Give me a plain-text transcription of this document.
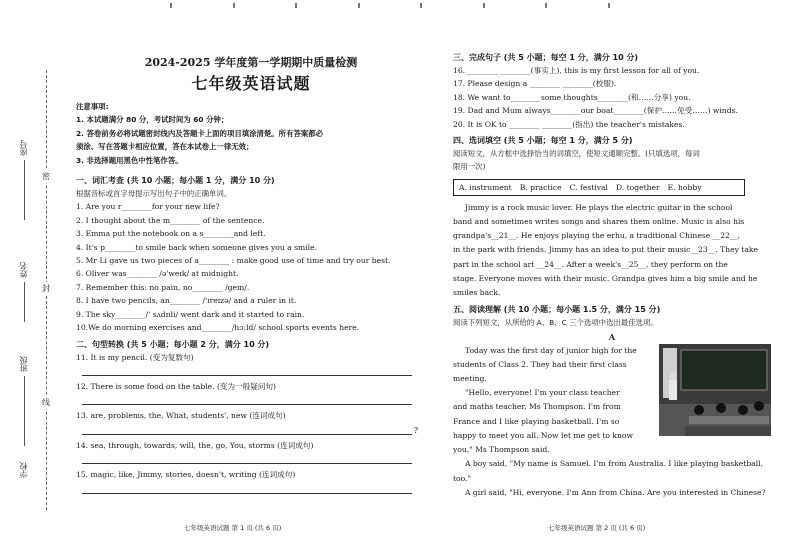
座号
姓名
班级
学校
密
封
线
2024-2025 学年度第一学期期中质量检测
七年级英语试题
注意事项:
1. 本试题满分 80 分，考试时间为 60 分钟；
2. 答卷前务必将试题密封线内及答题卡上面的项目填涂清楚。所有答案都必
须涂、写在答题卡相应位置，答在本试卷上一律无效；
3. 非选择题用黑色中性笔作答。
一、词汇考查 (共 10 小题；每小题 1 分，满分 10 分)
根据音标或首字母提示写出句子中的正确单词。
1. Are you r________for your new life?
2. I thought about the m________ of the sentence.
3. Emma put the notebook on a s________and left.
4. It's p________to smile back when someone gives you a smile.
5. Mr Li gave us two pieces of a________ : make good use of time and try our best.
6. Oliver was________ /ə'weɪk/ at midnight.
7. Remember this: no pain, no________ /geɪn/.
8. I have two pencils, an________ /'ɪreɪzə/ and a ruler in it.
9. The sky________/' sʌdnli/ went dark and it started to rain.
10.We do morning exercises and________/hɔːld/ school sports events here.
二、句型转换 (共 5 小题；每小题 2 分，满分 10 分)
11. It is my pencil. (变为复数句)
12. There is some food on the table. (变为一般疑问句)
13. are, problems, the, What, students', new (连词成句)
?
14. sea, through, towards, will, the, go, You, storms (连词成句)
15. magic, like, Jimmy, stories, doesn't, writing (连词成句)
三、完成句子 (共 5 小题；每空 1 分，满分 10 分)
16. ________ ________(事实上), this is my first lesson for all of you.
17. Please design a ________ ________(校服).
18. We want to________some thoughts________(和……分享) you.
19. Dad and Mum always________our boat________(保护……免受……) winds.
20. It is OK to ________ ________(指出) the teacher's mistakes.
四、选词填空 (共 5 小题；每空 1 分，满分 5 分)
阅读短文，从方框中选择恰当的词填空，使短文通顺完整。(只填选项，每词
限用一次)
A. instrument B. practice C. festival D. together E. hobby
Jimmy is a rock music lover. He plays the electric guitar in the school
band and sometimes writes songs and shares them online. Music is also his
grandpa's__21__. He enjoys playing the erhu, a traditional Chinese __22__,
in the park with friends. Jimmy has an idea to put their music__23__. They take
part in the school art __24__. After a week's__25__, they perform on the
stage. Everyone moves with their music. Grandpa gives him a big smile and he
smiles back.
五、阅读理解 (共 10 小题；每小题 1.5 分，满分 15 分)
阅读下列短文，从所给的 A、B、C 三个选项中选出最佳选项。
A
Today was the first day of junior high for the
students of Class 2. They had their first class
meeting.
"Hello, everyone! I'm your class teacher
and maths teacher, Ms Thompson. I'm from
France and I like playing basketball. I'm so
happy to meet you all. Now let me get to know
you," Ms Thompson said.
A boy said, "My name is Samuel. I'm from Australia. I like playing basketball,
too."
A girl said, "Hi, everyone. I'm Ann from China. Are you interested in Chinese?
七年级英语试题 第 1 页 (共 6 页)	七年级英语试题 第 2 页 (共 6 页)
